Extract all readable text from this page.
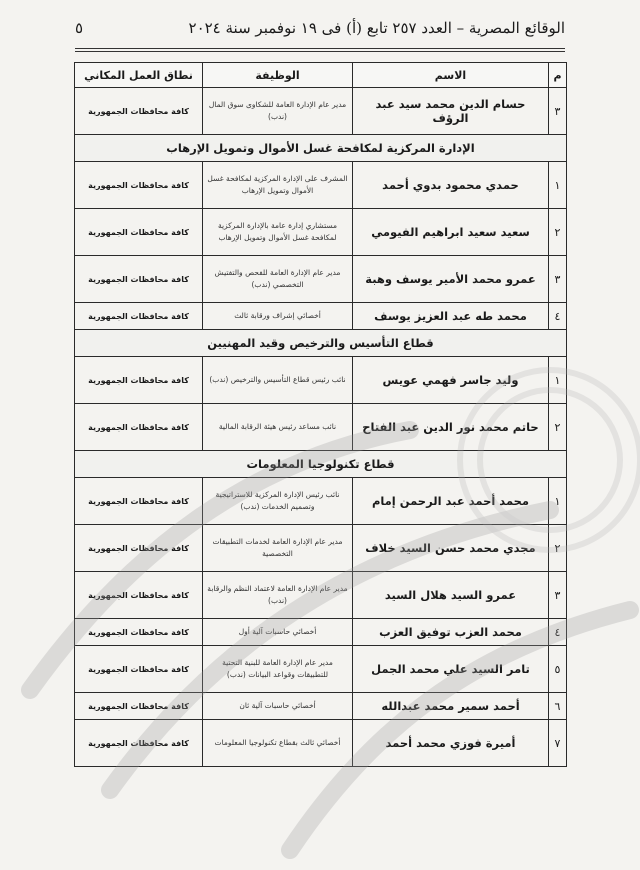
الوقائع المصرية – العدد ٢٥٧ تابع (أ) فى ١٩ نوفمبر سنة ٢٠٢٤
٥
م	الاسم	الوظيفة	نطاق العمل المكاني
٣	حسام الدين محمد سيد عبد الرؤف	مدير عام الإدارة العامة للشكاوى سوق المال (ندب)	كافة محافظات الجمهورية
الإدارة المركزية لمكافحة غسل الأموال وتمويل الإرهاب			
١	حمدي محمود بدوي أحمد	المشرف على الإدارة المركزية لمكافحة غسل الأموال وتمويل الإرهاب	كافة محافظات الجمهورية
٢	سعيد سعيد ابراهيم الفيومي	مستشاري إدارة عامة بالإدارة المركزية لمكافحة غسل الأموال وتمويل الإرهاب	كافة محافظات الجمهورية
٣	عمرو محمد الأمير يوسف وهبة	مدير عام الإدارة العامة للفحص والتفتيش التخصصي (ندب)	كافة محافظات الجمهورية
٤	محمد طه عبد العزيز يوسف	أخصائي إشراف ورقابة ثالث	كافة محافظات الجمهورية
قطاع التأسيس والترخيص وقيد المهنيين			
١	وليد جاسر فهمي عويس	نائب رئيس قطاع التأسيس والترخيص (ندب)	كافة محافظات الجمهورية
٢	حاتم محمد نور الدين عبد الفتاح	نائب مساعد رئيس هيئة الرقابة المالية	كافة محافظات الجمهورية
قطاع تكنولوجيا المعلومات			
١	محمد أحمد عبد الرحمن إمام	نائب رئيس الإدارة المركزية للاستراتيجية وتصميم الخدمات (ندب)	كافة محافظات الجمهورية
٢	مجدي محمد حسن السيد خلاف	مدير عام الإدارة العامة لخدمات التطبيقات التخصصية	كافة محافظات الجمهورية
٣	عمرو السيد هلال السيد	مدير عام الإدارة العامة لاعتماد النظم والرقابة (ندب)	كافة محافظات الجمهورية
٤	محمد العزب توفيق العزب	أخصائي حاسبات آلية أول	كافة محافظات الجمهورية
٥	تامر السيد علي محمد الجمل	مدير عام الإدارة العامة للبنية التحتية للتطبيقات وقواعد البيانات (ندب)	كافة محافظات الجمهورية
٦	أحمد سمير محمد عبدالله	أخصائي حاسبات آلية ثان	كافة محافظات الجمهورية
٧	أميرة فوزي محمد أحمد	أخصائي ثالث بقطاع تكنولوجيا المعلومات	كافة محافظات الجمهورية
